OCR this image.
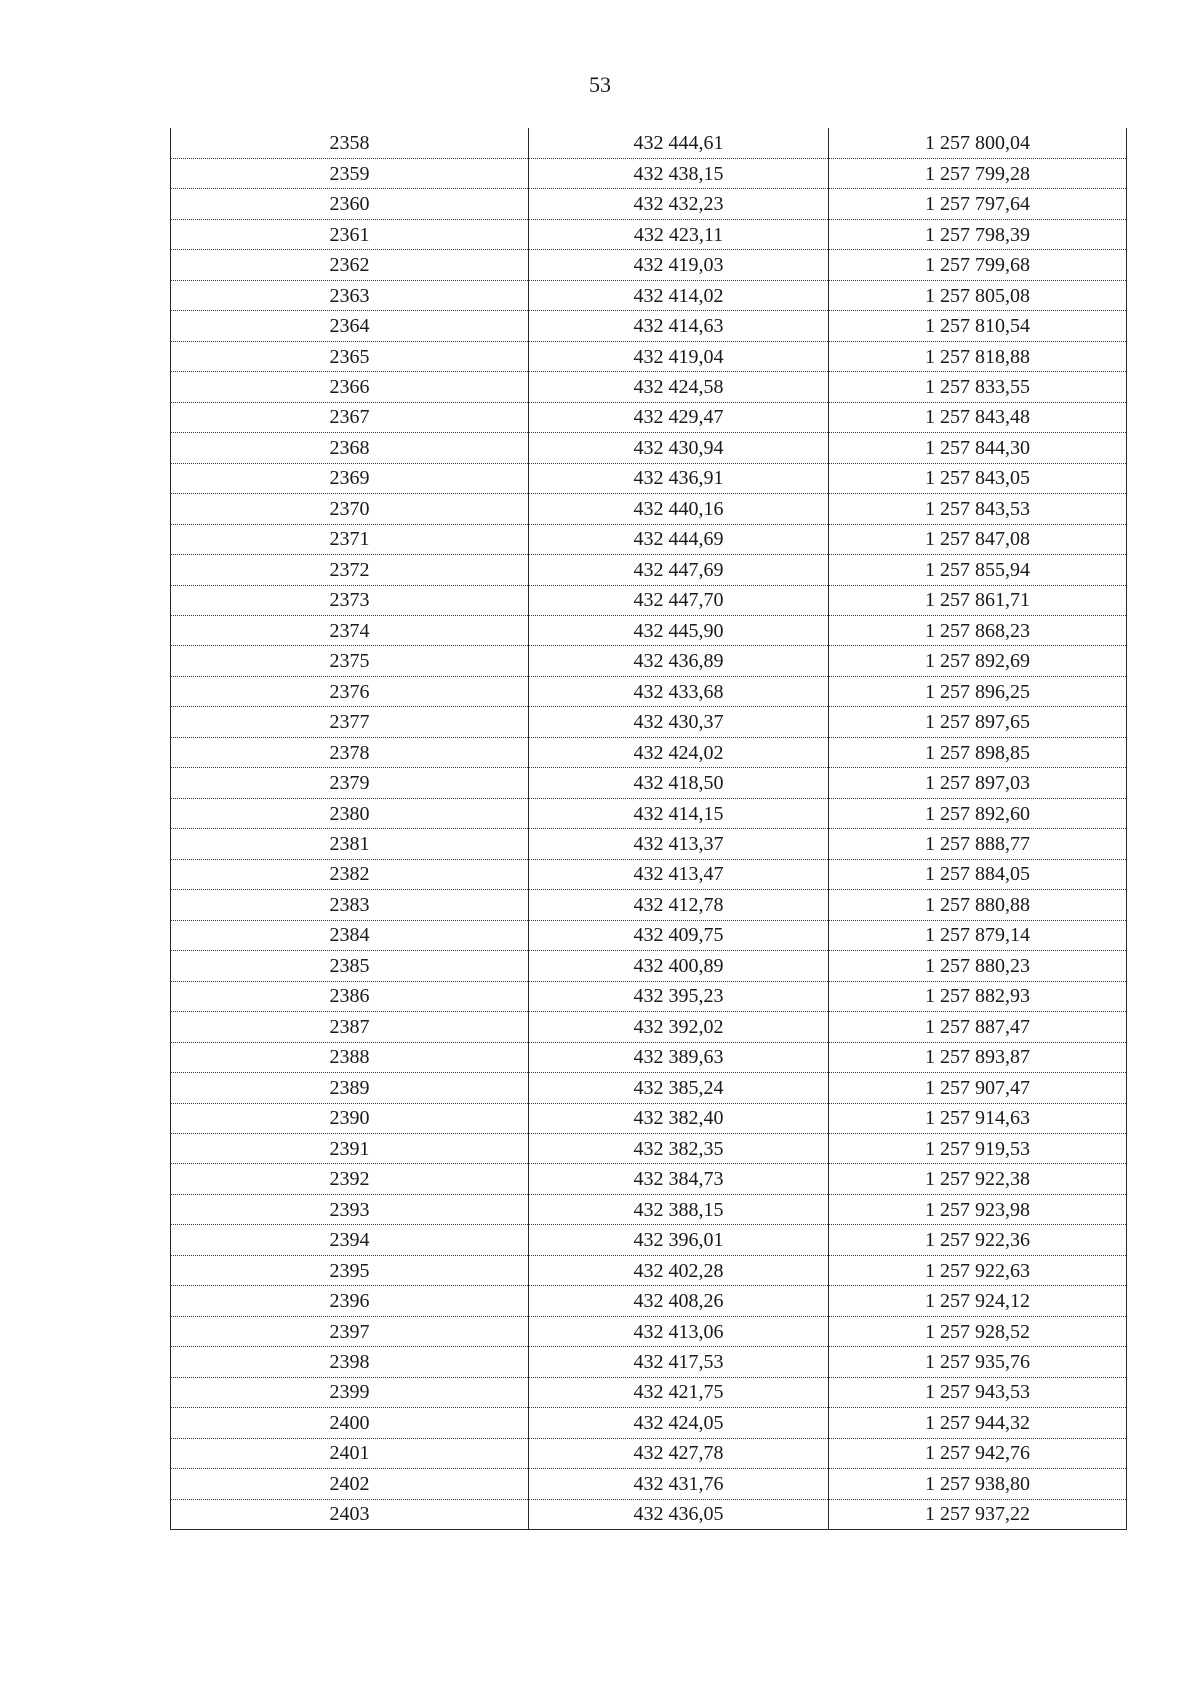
53
2358	432 444,61	1 257 800,04
2359	432 438,15	1 257 799,28
2360	432 432,23	1 257 797,64
2361	432 423,11	1 257 798,39
2362	432 419,03	1 257 799,68
2363	432 414,02	1 257 805,08
2364	432 414,63	1 257 810,54
2365	432 419,04	1 257 818,88
2366	432 424,58	1 257 833,55
2367	432 429,47	1 257 843,48
2368	432 430,94	1 257 844,30
2369	432 436,91	1 257 843,05
2370	432 440,16	1 257 843,53
2371	432 444,69	1 257 847,08
2372	432 447,69	1 257 855,94
2373	432 447,70	1 257 861,71
2374	432 445,90	1 257 868,23
2375	432 436,89	1 257 892,69
2376	432 433,68	1 257 896,25
2377	432 430,37	1 257 897,65
2378	432 424,02	1 257 898,85
2379	432 418,50	1 257 897,03
2380	432 414,15	1 257 892,60
2381	432 413,37	1 257 888,77
2382	432 413,47	1 257 884,05
2383	432 412,78	1 257 880,88
2384	432 409,75	1 257 879,14
2385	432 400,89	1 257 880,23
2386	432 395,23	1 257 882,93
2387	432 392,02	1 257 887,47
2388	432 389,63	1 257 893,87
2389	432 385,24	1 257 907,47
2390	432 382,40	1 257 914,63
2391	432 382,35	1 257 919,53
2392	432 384,73	1 257 922,38
2393	432 388,15	1 257 923,98
2394	432 396,01	1 257 922,36
2395	432 402,28	1 257 922,63
2396	432 408,26	1 257 924,12
2397	432 413,06	1 257 928,52
2398	432 417,53	1 257 935,76
2399	432 421,75	1 257 943,53
2400	432 424,05	1 257 944,32
2401	432 427,78	1 257 942,76
2402	432 431,76	1 257 938,80
2403	432 436,05	1 257 937,22
